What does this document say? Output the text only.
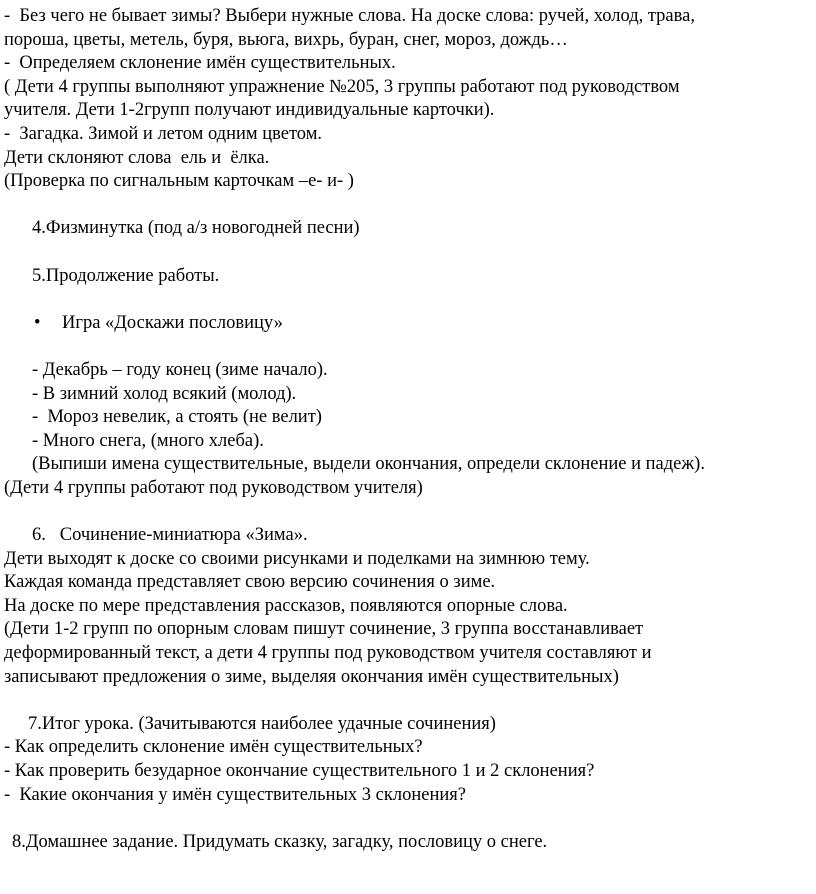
-  Без чего не бывает зимы? Выбери нужные слова. На доске слова: ручей, холод, трава,
пороша, цветы, метель, буря, вьюга, вихрь, буран, снег, мороз, дождь…
-  Определяем склонение имён существительных.
( Дети 4 группы выполняют упражнение №205, 3 группы работают под руководством
учителя. Дети 1-2групп получают индивидуальные карточки).
-  Загадка. Зимой и летом одним цветом.
Дети склоняют слова  ель и  ёлка.
(Проверка по сигнальным карточкам –е- и- )
4.Физминутка (под а/з новогодней песни)
5.Продолжение работы.
• Игра «Доскажи пословицу»
- Декабрь – году конец (зиме начало).
- В зимний холод всякий (молод).
-  Мороз невелик, а стоять (не велит)
- Много снега, (много хлеба).
(Выпиши имена существительные, выдели окончания, определи склонение и падеж).
(Дети 4 группы работают под руководством учителя)
6.   Сочинение-миниатюра «Зима».
Дети выходят к доске со своими рисунками и поделками на зимнюю тему.
Каждая команда представляет свою версию сочинения о зиме.
На доске по мере представления рассказов, появляются опорные слова.
(Дети 1-2 групп по опорным словам пишут сочинение, 3 группа восстанавливает
деформированный текст, а дети 4 группы под руководством учителя составляют и
записывают предложения о зиме, выделяя окончания имён существительных)
7.Итог урока. (Зачитываются наиболее удачные сочинения)
- Как определить склонение имён существительных?
- Как проверить безударное окончание существительного 1 и 2 склонения?
-  Какие окончания у имён существительных 3 склонения?
8.Домашнее задание. Придумать сказку, загадку, пословицу о снеге.
